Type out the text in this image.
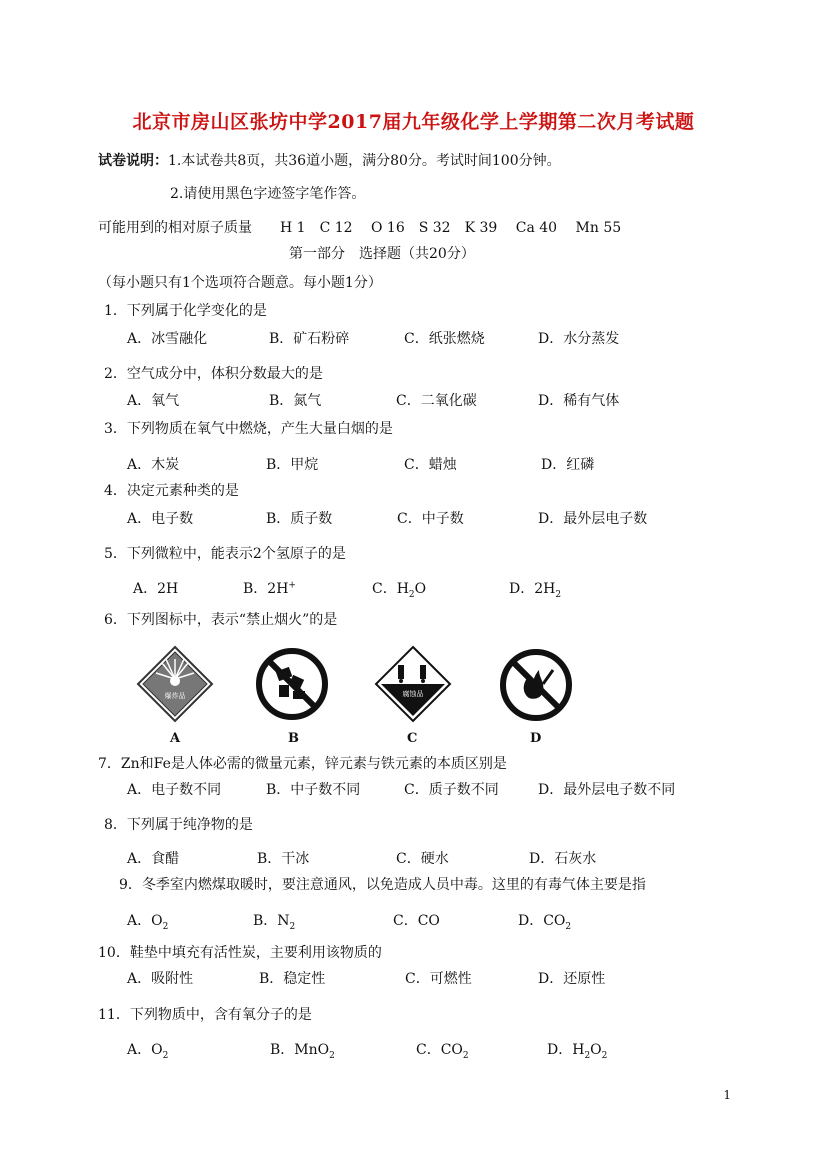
北京市房山区张坊中学2017届九年级化学上学期第二次月考试题
试卷说明：1.本试卷共8页，共36道小题，满分80分。考试时间100分钟。
2.请使用黑色字迹签字笔作答。
可能用到的相对原子质量　　H 1　C 12　 O 16　S 32　K 39　 Ca 40　 Mn 55
第一部分　选择题（共20分）
（每小题只有1个选项符合题意。每小题1分）
1．下列属于化学变化的是
A．冰雪融化	B．矿石粉碎	C．纸张燃烧	D．水分蒸发
2．空气成分中，体积分数最大的是
A．氧气	B．氮气	C．二氧化碳	D．稀有气体
3．下列物质在氧气中燃烧，产生大量白烟的是
A．木炭	B．甲烷	C．蜡烛	D．红磷
4．决定元素种类的是
A．电子数	B．质子数	C．中子数	D．最外层电子数
5．下列微粒中，能表示2个氢原子的是
A．2H	B．2H+	C．$H_2O$	D．$2H_2$
6．下列图标中，表示“禁止烟火”的是
爆炸品
A	B
腐蚀品
C	D
7．Zn和Fe是人体必需的微量元素，锌元素与铁元素的本质区别是
A．电子数不同	B．中子数不同	C．质子数不同	D．最外层电子数不同
8．下列属于纯净物的是
A．食醋	B．干冰	C．硬水	D．石灰水
9．冬季室内燃煤取暖时，要注意通风，以免造成人员中毒。这里的有毒气体主要是指
A．$O_2$	B．$N_2$	C．CO	D．$CO_2$
10．鞋垫中填充有活性炭，主要利用该物质的
A．吸附性	B．稳定性	C．可燃性	D．还原性
11．下列物质中，含有氧分子的是
A．$O_2$	B．MnO$_2$	C．$CO_2$	D．$H_2O_2$
1
